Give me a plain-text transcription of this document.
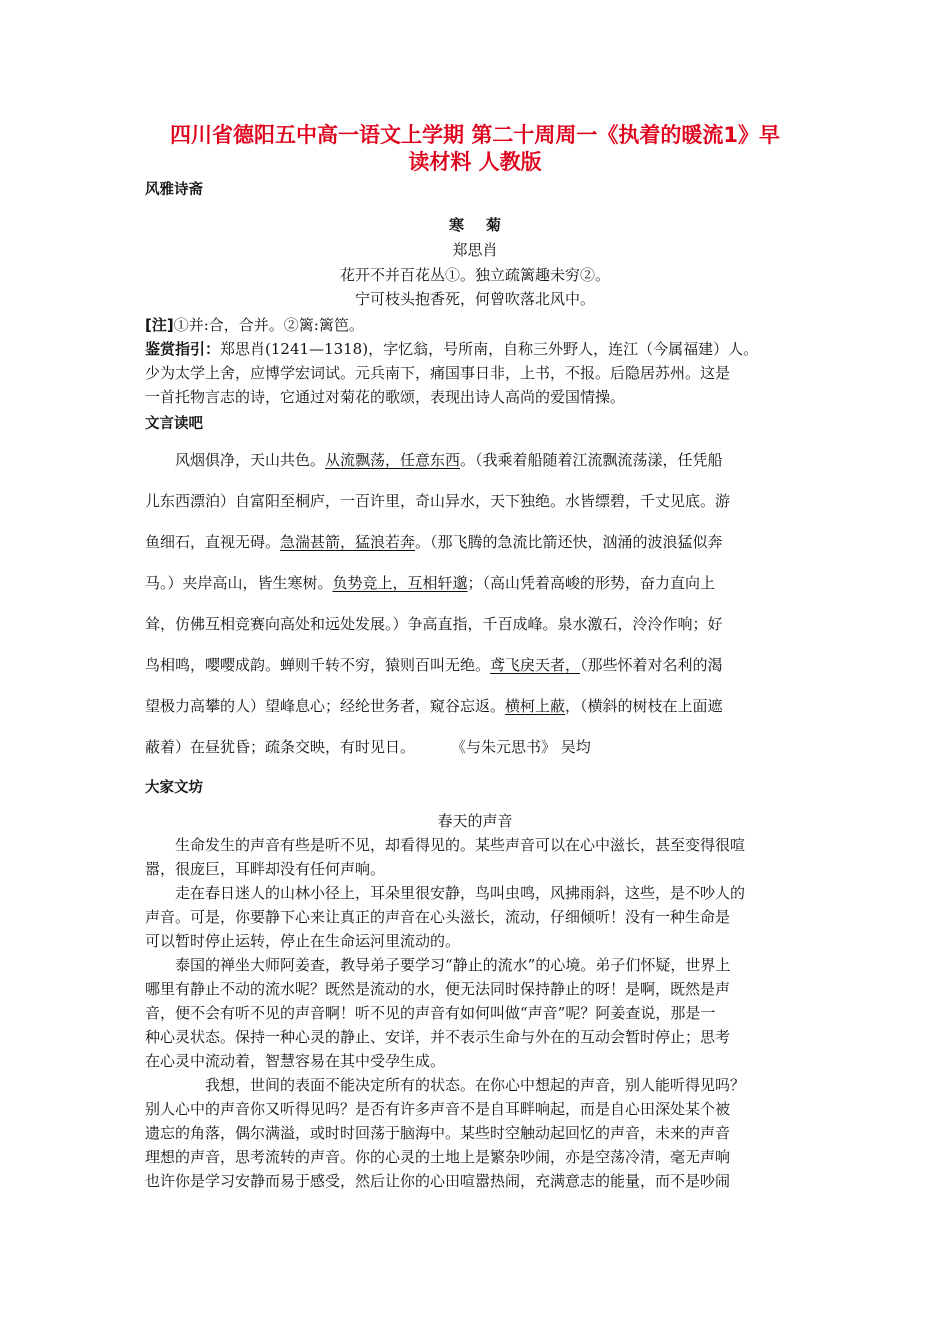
四川省德阳五中高一语文上学期 第二十周周一《执着的暖流1》早
读材料 人教版
风雅诗斋
寒菊
郑思肖
花开不并百花丛①。独立疏篱趣未穷②。
宁可枝头抱香死，何曾吹落北风中。
[注]①并:合，合并。②篱:篱笆。
鉴赏指引：郑思肖(1241—1318)，字忆翁，号所南，自称三外野人，连江（今属福建）人。
少为太学上舍，应博学宏词试。元兵南下，痛国事日非，上书，不报。后隐居苏州。这是
一首托物言志的诗，它通过对菊花的歌颂，表现出诗人高尚的爱国情操。
文言读吧
风烟俱净，天山共色。从流飘荡，任意东西。（我乘着船随着江流飘流荡漾，任凭船
儿东西漂泊）自富阳至桐庐，一百许里，奇山异水，天下独绝。水皆缥碧，千丈见底。游
鱼细石，直视无碍。急湍甚箭，猛浪若奔。（那飞腾的急流比箭还快，汹涌的波浪猛似奔
马。）夹岸高山，皆生寒树。负势竞上，互相轩邈；（高山凭着高峻的形势，奋力直向上
耸，仿佛互相竞赛向高处和远处发展。）争高直指，千百成峰。泉水激石，泠泠作响；好
鸟相鸣，嘤嘤成韵。蝉则千转不穷，猿则百叫无绝。鸢飞戾天者，（那些怀着对名利的渴
望极力高攀的人）望峰息心；经纶世务者，窥谷忘返。横柯上蔽，（横斜的树枝在上面遮
蔽着）在昼犹昏；疏条交映，有时见日。 《与朱元思书》 吴均
大家文坊
春天的声音
生命发生的声音有些是听不见，却看得见的。某些声音可以在心中滋长，甚至变得很喧
嚣，很庞巨，耳畔却没有任何声响。
走在春日迷人的山林小径上，耳朵里很安静，鸟叫虫鸣，风拂雨斜，这些，是不吵人的
声音。可是，你要静下心来让真正的声音在心头滋长，流动，仔细倾听！没有一种生命是
可以暂时停止运转，停止在生命运河里流动的。
泰国的禅坐大师阿姜查，教导弟子要学习“静止的流水”的心境。弟子们怀疑，世界上
哪里有静止不动的流水呢？既然是流动的水，便无法同时保持静止的呀！是啊，既然是声
音，便不会有听不见的声音啊！听不见的声音有如何叫做“声音”呢？阿姜查说，那是一
种心灵状态。保持一种心灵的静止、安详，并不表示生命与外在的互动会暂时停止；思考
在心灵中流动着，智慧容易在其中受孕生成。
我想，世间的表面不能决定所有的状态。在你心中想起的声音，别人能听得见吗？
别人心中的声音你又听得见吗？是否有许多声音不是自耳畔响起，而是自心田深处某个被
遗忘的角落，偶尔满溢，或时时回荡于脑海中。某些时空触动起回忆的声音，未来的声音
理想的声音，思考流转的声音。你的心灵的土地上是繁杂吵闹，亦是空荡冷清，毫无声响
也许你是学习安静而易于感受，然后让你的心田喧嚣热闹，充满意志的能量，而不是吵闹
